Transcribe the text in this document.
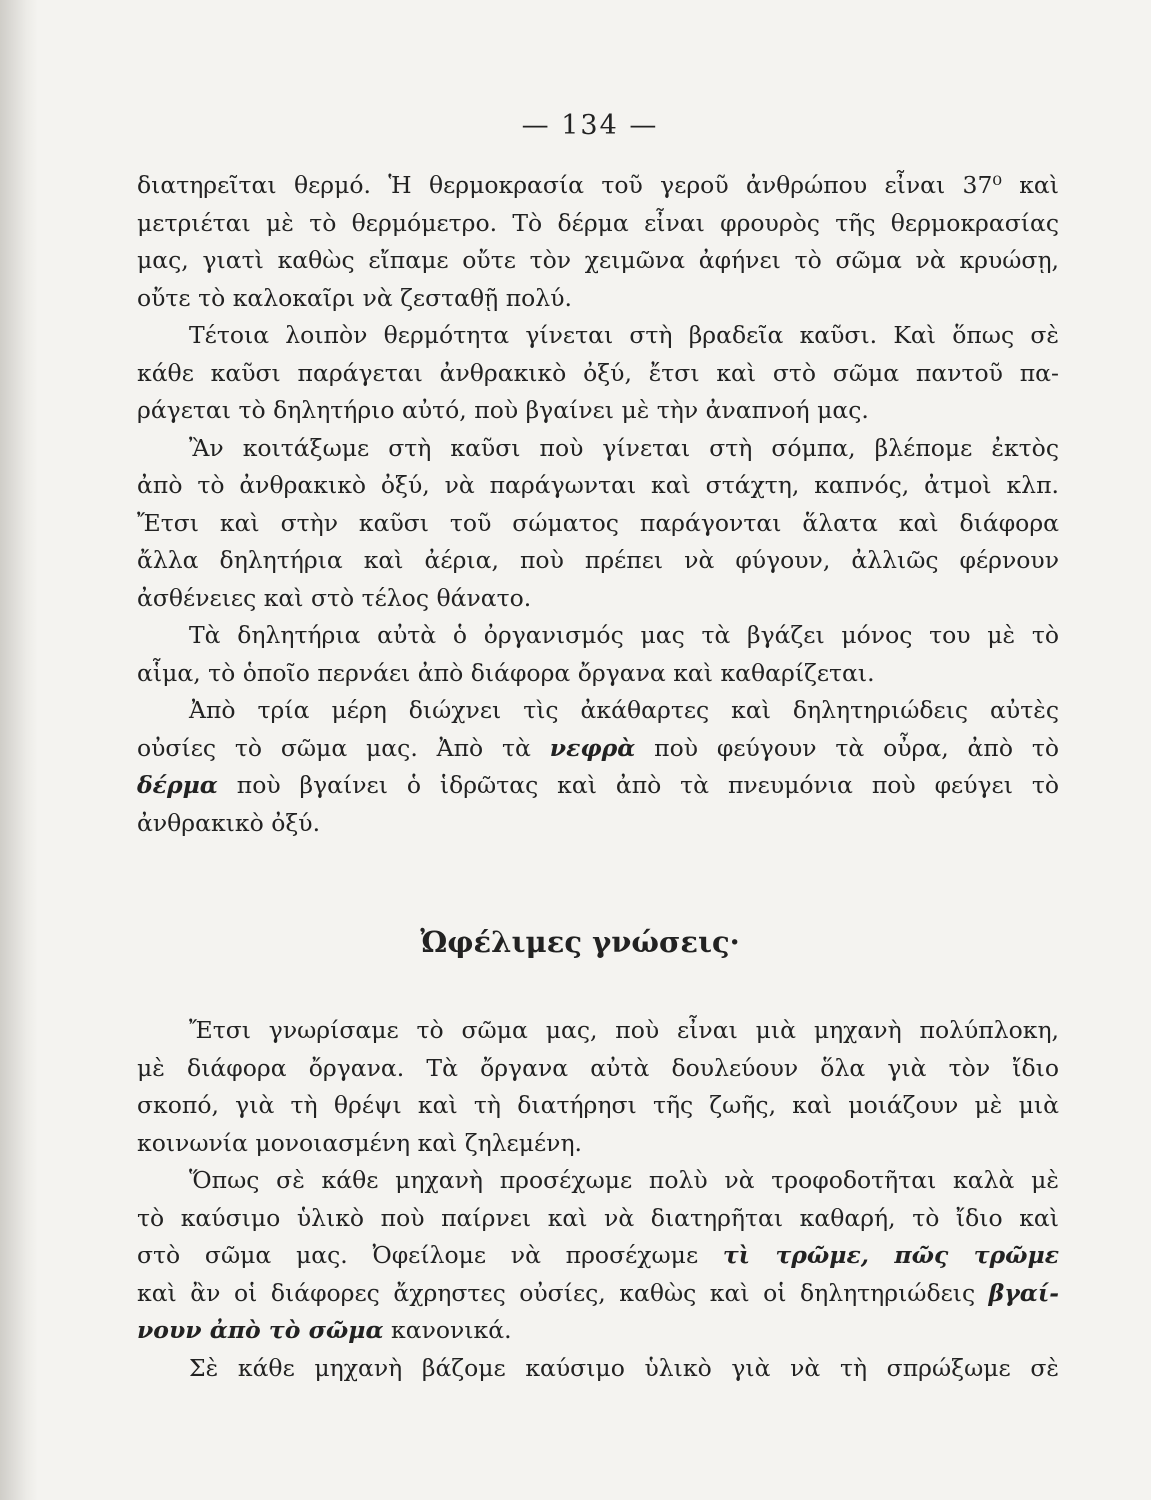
— 134 —
διατηρεῖται θερμό. Ἡ θερμοκρασία τοῦ γεροῦ ἀνθρώπου εἶναι 37⁰ καὶ
μετριέται μὲ τὸ θερμόμετρο. Τὸ δέρμα εἶναι φρουρὸς τῆς θερμοκρασίας
μας, γιατὶ καθὼς εἴπαμε οὔτε τὸν χειμῶνα ἀφήνει τὸ σῶμα νὰ κρυώσῃ,
οὔτε τὸ καλοκαῖρι νὰ ζεσταθῇ πολύ.
Τέτοια λοιπὸν θερμότητα γίνεται στὴ βραδεῖα καῦσι. Καὶ ὅπως σὲ
κάθε καῦσι παράγεται ἀνθρακικὸ ὀξύ, ἔτσι καὶ στὸ σῶμα παντοῦ πα-
ράγεται τὸ δηλητήριο αὐτό, ποὺ βγαίνει μὲ τὴν ἀναπνοή μας.
Ἂν κοιτάξωμε στὴ καῦσι ποὺ γίνεται στὴ σόμπα, βλέπομε ἐκτὸς
ἀπὸ τὸ ἀνθρακικὸ ὀξύ, νὰ παράγωνται καὶ στάχτη, καπνός, ἀτμοὶ κλπ.
Ἔτσι καὶ στὴν καῦσι τοῦ σώματος παράγονται ἅλατα καὶ διάφορα
ἄλλα δηλητήρια καὶ ἀέρια, ποὺ πρέπει νὰ φύγουν, ἀλλιῶς φέρνουν
ἀσθένειες καὶ στὸ τέλος θάνατο.
Τὰ δηλητήρια αὐτὰ ὁ ὀργανισμός μας τὰ βγάζει μόνος του μὲ τὸ
αἷμα, τὸ ὁποῖο περνάει ἀπὸ διάφορα ὄργανα καὶ καθαρίζεται.
Ἀπὸ τρία μέρη διώχνει τὶς ἀκάθαρτες καὶ δηλητηριώδεις αὐτὲς
οὐσίες τὸ σῶμα μας. Ἀπὸ τὰ νεφρὰ ποὺ φεύγουν τὰ οὖρα, ἀπὸ τὸ
δέρμα ποὺ βγαίνει ὁ ἱδρῶτας καὶ ἀπὸ τὰ πνευμόνια ποὺ φεύγει τὸ
ἀνθρακικὸ ὀξύ.
Ὠφέλιμες γνώσεις·
Ἔτσι γνωρίσαμε τὸ σῶμα μας, ποὺ εἶναι μιὰ μηχανὴ πολύπλοκη,
μὲ διάφορα ὄργανα. Τὰ ὄργανα αὐτὰ δουλεύουν ὅλα γιὰ τὸν ἴδιο
σκοπό, γιὰ τὴ θρέψι καὶ τὴ διατήρησι τῆς ζωῆς, καὶ μοιάζουν μὲ μιὰ
κοινωνία μονοιασμένη καὶ ζηλεμένη.
Ὅπως σὲ κάθε μηχανὴ προσέχωμε πολὺ νὰ τροφοδοτῆται καλὰ μὲ
τὸ καύσιμο ὑλικὸ ποὺ παίρνει καὶ νὰ διατηρῆται καθαρή, τὸ ἴδιο καὶ
στὸ σῶμα μας. Ὀφείλομε νὰ προσέχωμε τὶ τρῶμε, πῶς τρῶμε
καὶ ἂν οἱ διάφορες ἄχρηστες οὐσίες, καθὼς καὶ οἱ δηλητηριώδεις βγαί-
νουν ἀπὸ τὸ σῶμα κανονικά.
Σὲ κάθε μηχανὴ βάζομε καύσιμο ὑλικὸ γιὰ νὰ τὴ σπρώξωμε σὲ
